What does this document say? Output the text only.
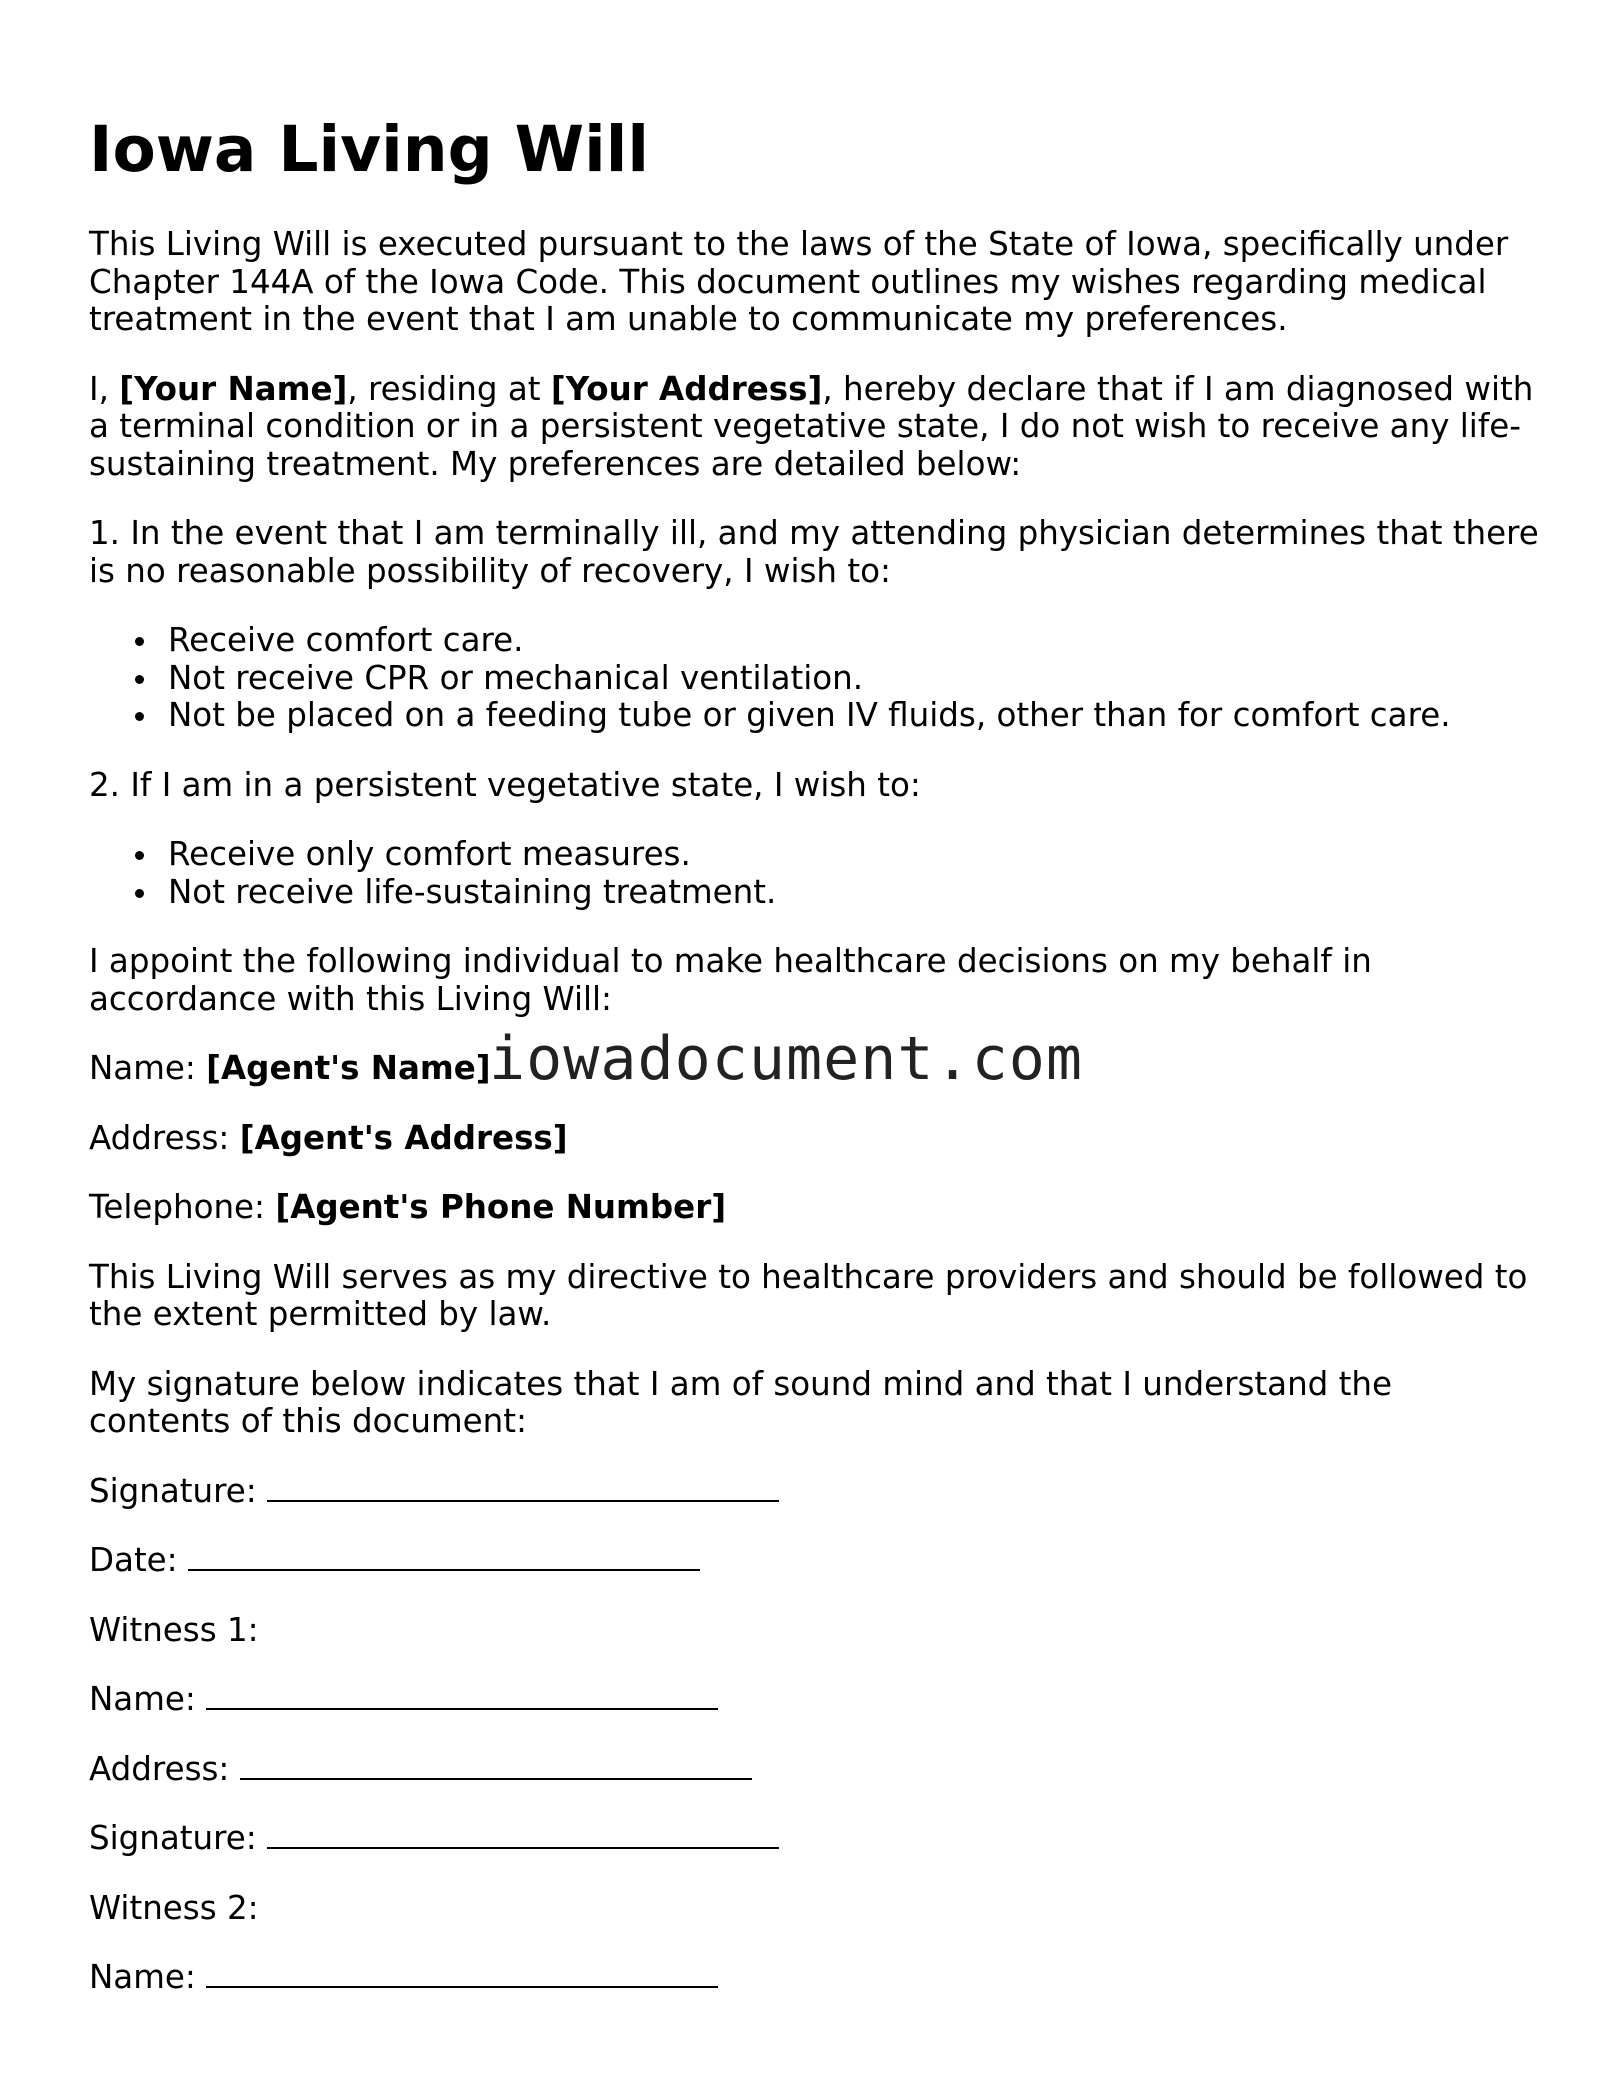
Iowa Living Will

This Living Will is executed pursuant to the laws of the State of Iowa, specifically under Chapter 144A of the Iowa Code. This document outlines my wishes regarding medical treatment in the event that I am unable to communicate my preferences.

I, [Your Name], residing at [Your Address], hereby declare that if I am diagnosed with a terminal condition or in a persistent vegetative state, I do not wish to receive any life-sustaining treatment. My preferences are detailed below:

1. In the event that I am terminally ill, and my attending physician determines that there is no reasonable possibility of recovery, I wish to:

Receive comfort care.
Not receive CPR or mechanical ventilation.
Not be placed on a feeding tube or given IV fluids, other than for comfort care.

2. If I am in a persistent vegetative state, I wish to:

Receive only comfort measures.
Not receive life-sustaining treatment.

I appoint the following individual to make healthcare decisions on my behalf in accordance with this Living Will:

Name: [Agent's Name]

Address: [Agent's Address]

Telephone: [Agent's Phone Number]

This Living Will serves as my directive to healthcare providers and should be followed to the extent permitted by law.

My signature below indicates that I am of sound mind and that I understand the contents of this document:

Signature:

Date:

Witness 1:

Name:

Address:

Signature:

Witness 2:

Name:

iowadocument.com
